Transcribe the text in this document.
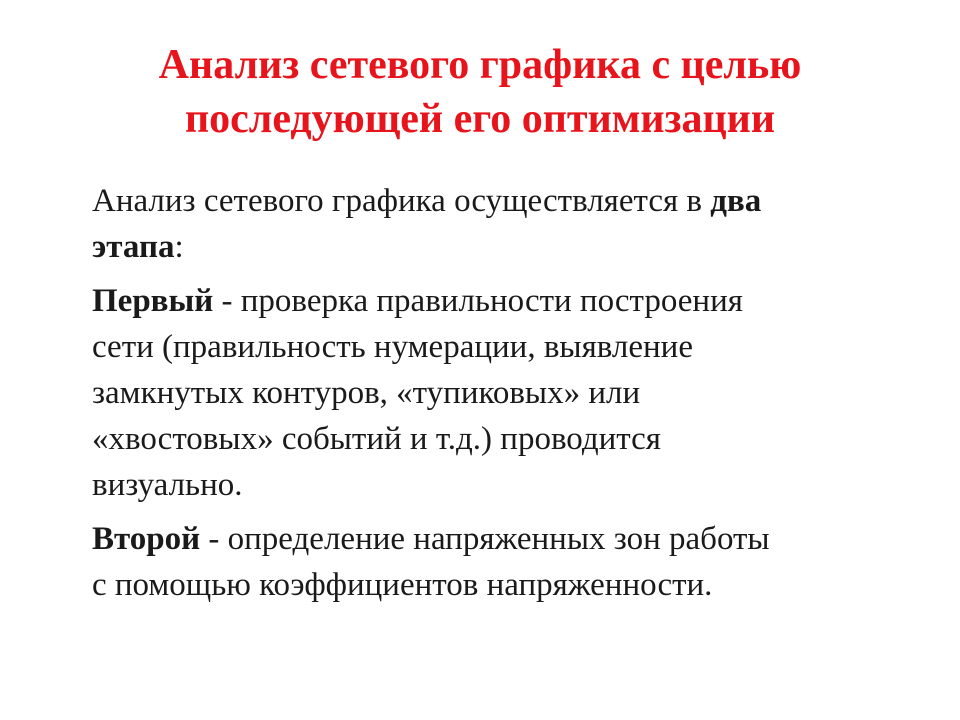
Анализ сетевого графика с целью
последующей его оптимизации

Анализ сетевого графика осуществляется в два
этапа:

Первый - проверка правильности построения
сети (правильность нумерации, выявление
замкнутых контуров, «тупиковых» или
«хвостовых» событий и т.д.) проводится
визуально.

Второй - определение напряженных зон работы
с помощью коэффициентов напряженности.
